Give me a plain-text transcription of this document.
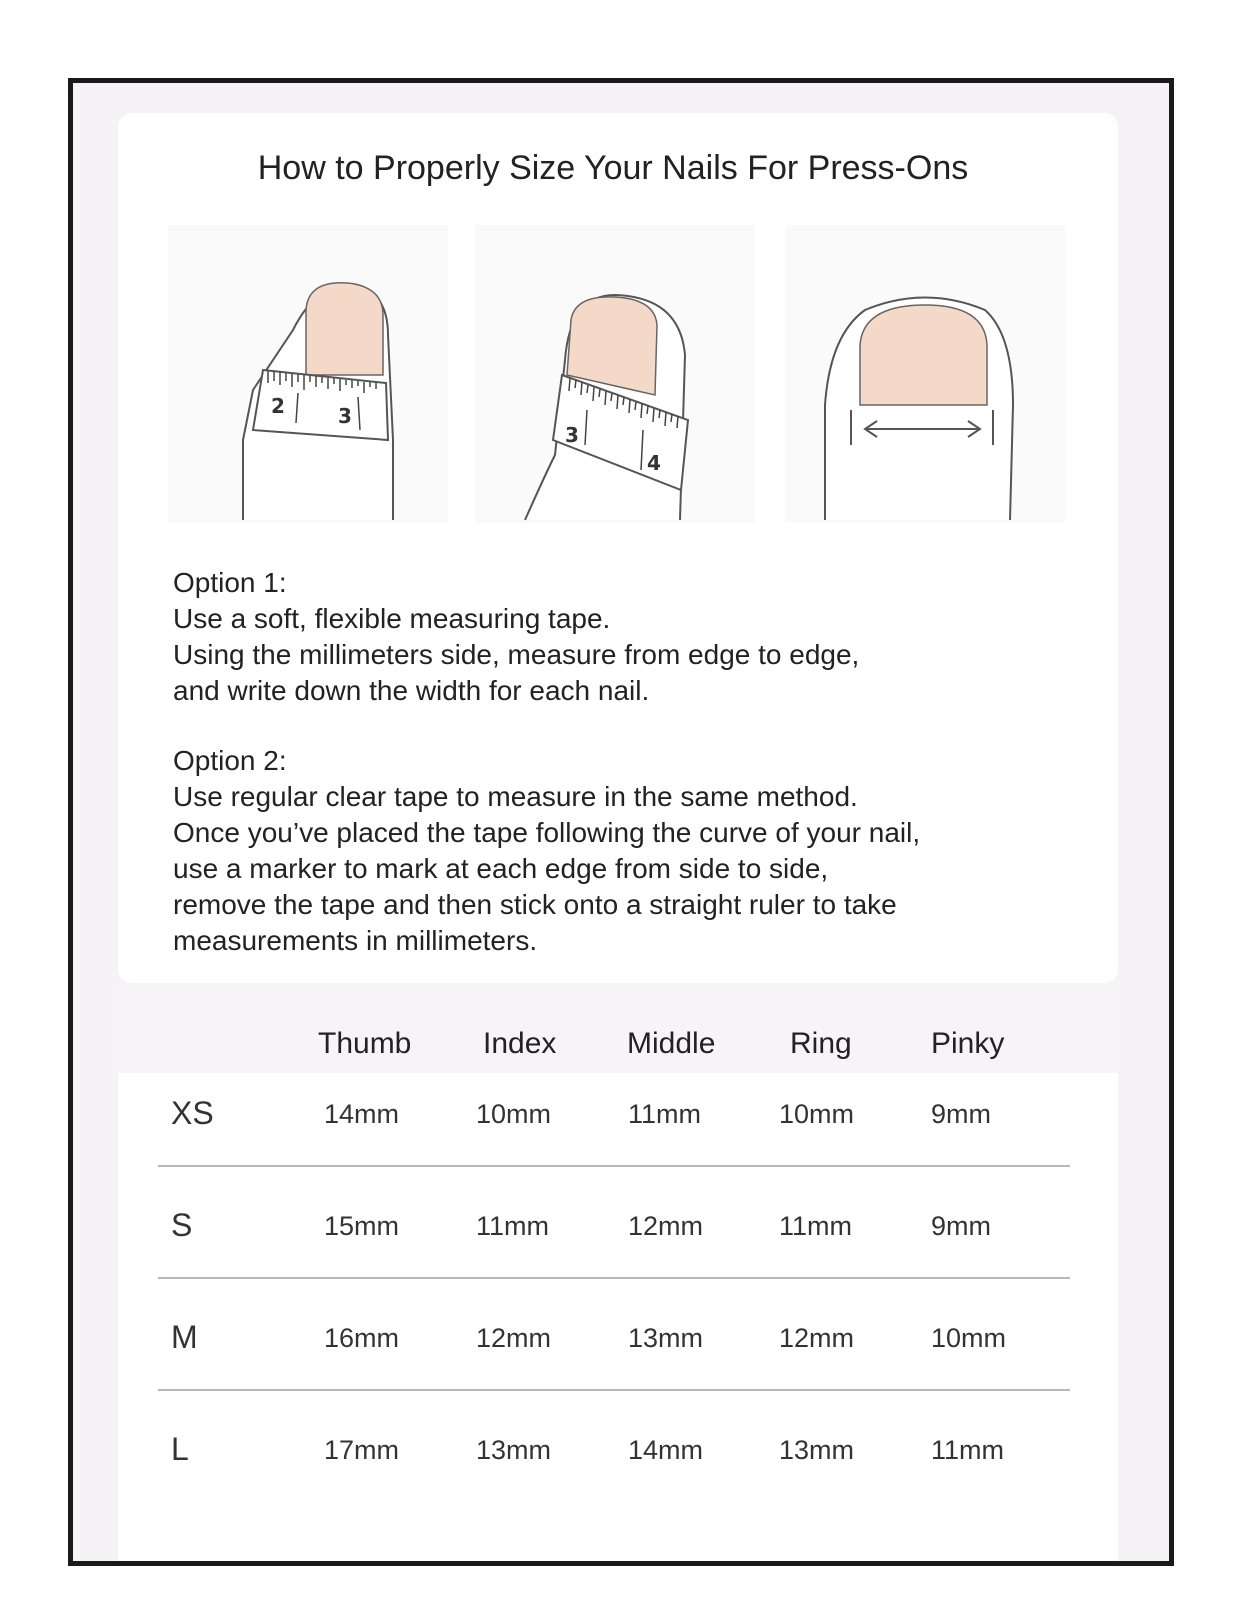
How to Properly Size Your Nails For Press-Ons
2	3
3
4
Option 1:
Use a soft, flexible measuring tape.
Using the millimeters side, measure from edge to edge,
and write down the width for each nail.
Option 2:
Use regular clear tape to measure in the same method.
Once you’ve placed the tape following the curve of your nail,
use a marker to mark at each edge from side to side,
remove the tape and then stick onto a straight ruler to take
measurements in millimeters.
Thumb Index Middle Ring	Pinky
XS	14mm	10mm	11mm	10mm	9mm
S	15mm	11mm	12mm	11mm	9mm
M	16mm	12mm	13mm	12mm	10mm
L	17mm	13mm	14mm	13mm	11mm
